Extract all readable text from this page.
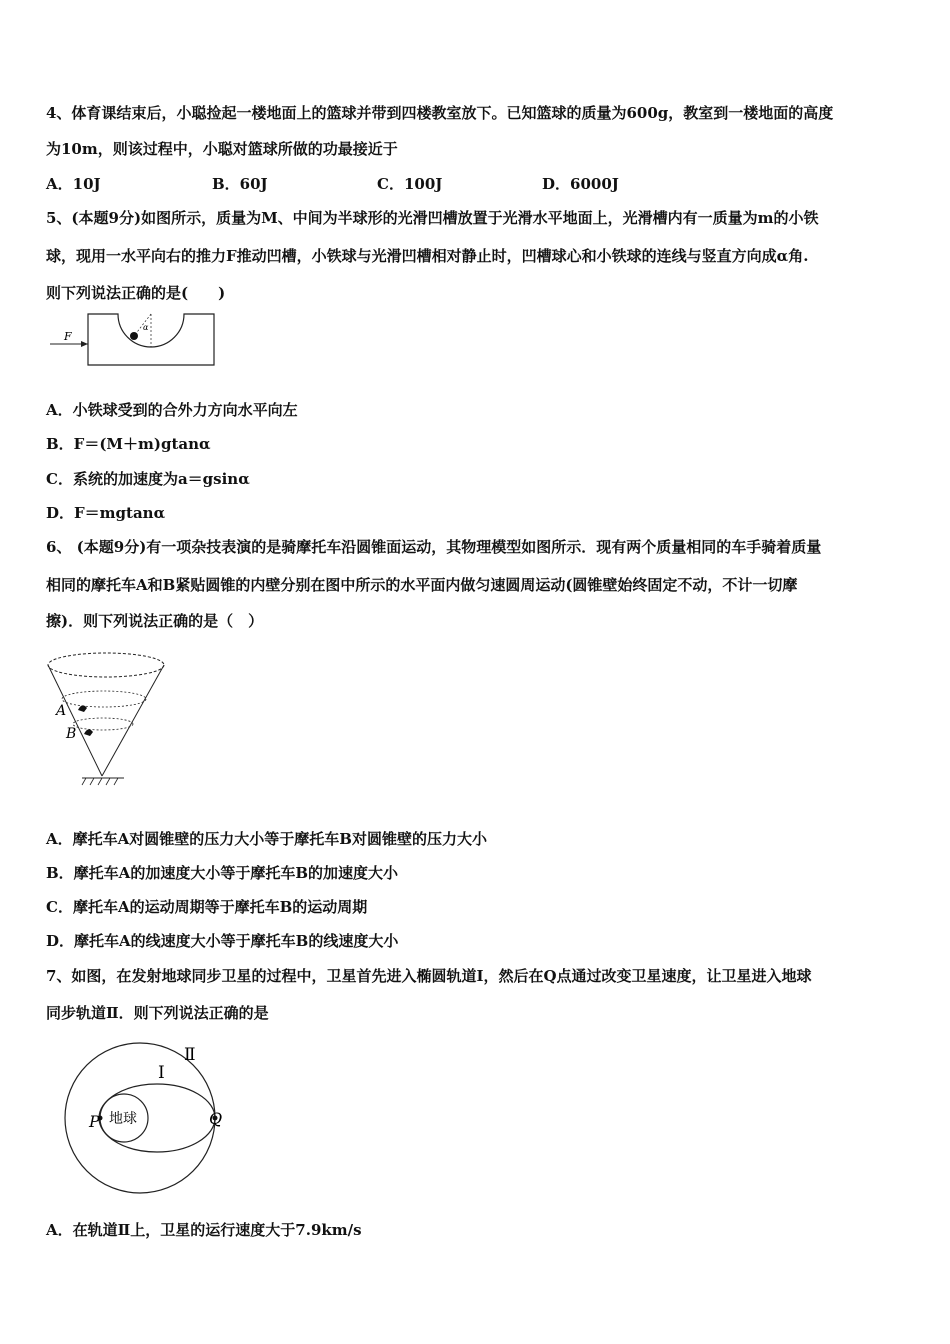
4、体育课结束后，小聪捡起一楼地面上的篮球并带到四楼教室放下。已知篮球的质量为600g，教室到一楼地面的高度
为10m，则该过程中，小聪对篮球所做的功最接近于
A．10J	B．60J	C．100J	D．6000J
5、(本题9分)如图所示，质量为M、中间为半球形的光滑凹槽放置于光滑水平地面上，光滑槽内有一质量为m的小铁
球，现用一水平向右的推力F推动凹槽，小铁球与光滑凹槽相对静止时，凹槽球心和小铁球的连线与竖直方向成α角.
则下列说法正确的是(　　)
F
α
A．小铁球受到的合外力方向水平向左
B．F＝(M＋m)gtanα
C．系统的加速度为a＝gsinα
D．F＝mgtanα
6、 (本题9分)有一项杂技表演的是骑摩托车沿圆锥面运动，其物理模型如图所示．现有两个质量相同的车手骑着质量
相同的摩托车A和B紧贴圆锥的内壁分别在图中所示的水平面内做匀速圆周运动(圆锥壁始终固定不动，不计一切摩
擦)．则下列说法正确的是（　）
A
B
A．摩托车A对圆锥壁的压力大小等于摩托车B对圆锥壁的压力大小
B．摩托车A的加速度大小等于摩托车B的加速度大小
C．摩托车A的运动周期等于摩托车B的运动周期
D．摩托车A的线速度大小等于摩托车B的线速度大小
7、如图，在发射地球同步卫星的过程中，卫星首先进入椭圆轨道Ⅰ，然后在Q点通过改变卫星速度，让卫星进入地球
同步轨道Ⅱ．则下列说法正确的是
地球
P	Q
Ⅰ
Ⅱ
A．在轨道Ⅱ上，卫星的运行速度大于7.9km/s
